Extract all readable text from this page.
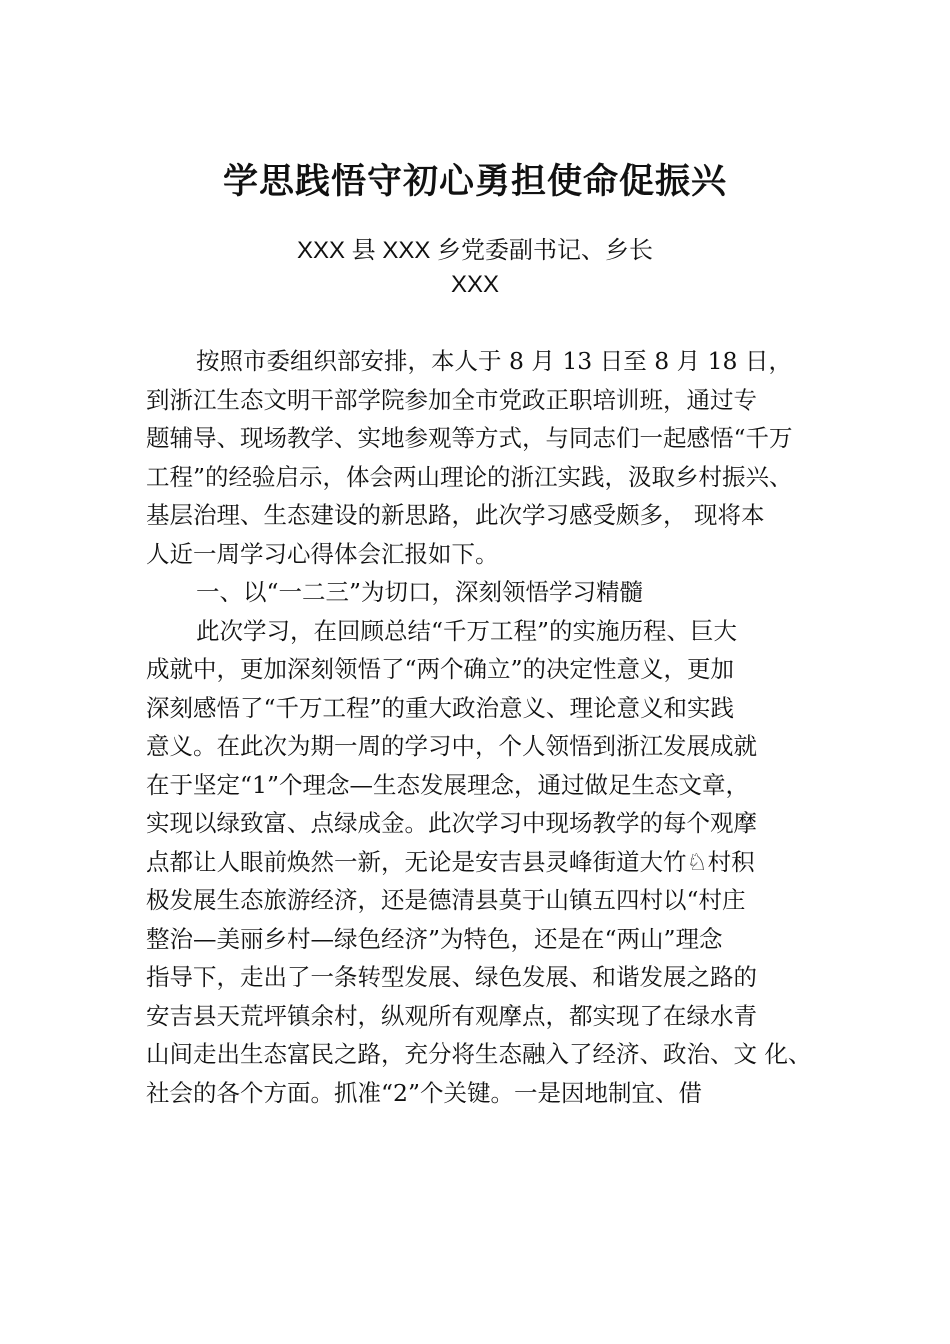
学思践悟守初心勇担使命促振兴
XXX 县 XXX 乡党委副书记、乡长
XXX
按照市委组织部安排，本人于 8 月 13 日至 8 月 18 日，
到浙江生态文明干部学院参加全市党政正职培训班，通过专
题辅导、现场教学、实地参观等方式，与同志们一起感悟“千万
工程”的经验启示，体会两山理论的浙江实践，汲取乡村振兴、
基层治理、生态建设的新思路，此次学习感受颇多， 现将本
人近一周学习心得体会汇报如下。
一、以“一二三”为切口，深刻领悟学习精髓
此次学习，在回顾总结“千万工程”的实施历程、巨大
成就中，更加深刻领悟了“两个确立”的决定性意义，更加
深刻感悟了“千万工程”的重大政治意义、理论意义和实践
意义。在此次为期一周的学习中，个人领悟到浙江发展成就
在于坚定“1”个理念—生态发展理念，通过做足生态文章，
实现以绿致富、点绿成金。此次学习中现场教学的每个观摩
点都让人眼前焕然一新，无论是安吉县灵峰街道大竹♘村积
极发展生态旅游经济，还是德清县莫于山镇五四村以“村庄
整治—美丽乡村—绿色经济”为特色，还是在“两山”理念
指导下，走出了一条转型发展、绿色发展、和谐发展之路的
安吉县天荒坪镇余村，纵观所有观摩点，都实现了在绿水青
山间走出生态富民之路，充分将生态融入了经济、政治、文 化、
社会的各个方面。抓准“2”个关键。一是因地制宜、借
